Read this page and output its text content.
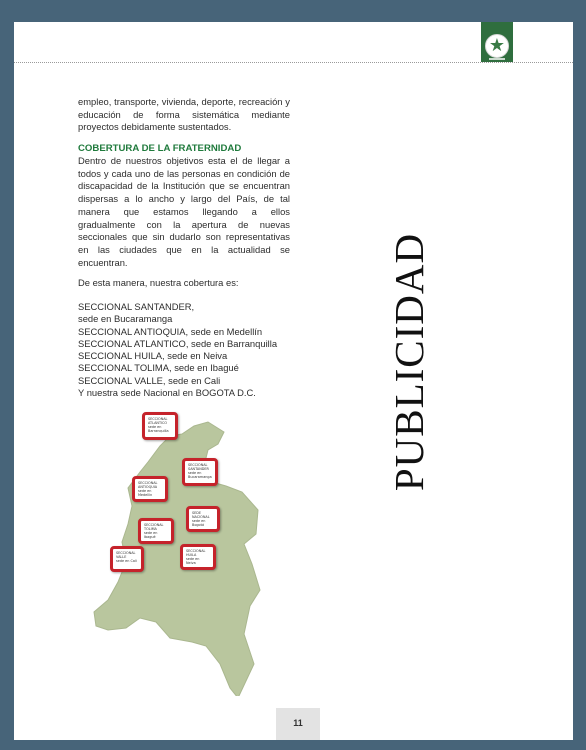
★
empleo, transporte, vivienda, deporte, recreación y educación de forma sistemática mediante proyectos debidamente sustentados.
COBERTURA DE LA FRATERNIDAD
Dentro de nuestros objetivos esta el de llegar a todos y cada uno de las personas en condición de discapacidad de la Institución que se encuentran dispersas a lo ancho y largo del País, de tal manera que estamos llegando a ellos gradualmente con la apertura de nuevas seccionales que sin dudarlo son representativas en las ciudades que en la actualidad se encuentran.
De esta manera, nuestra cobertura es:
SECCIONAL SANTANDER,
sede en Bucaramanga
SECCIONAL ANTIOQUIA, sede en Medellín
SECCIONAL ATLANTICO, sede en Barranquilla
SECCIONAL HUILA, sede en Neiva
SECCIONAL TOLIMA, sede en Ibagué
SECCIONAL VALLE, sede en Cali
Y nuestra sede Nacional en BOGOTA D.C.	PUBLICIDAD
SECCIONAL
ATLANTICO
sede en
Barranquilla
SECCIONAL
SANTANDER
sede en
Bucaramanga
SECCIONAL
ANTIOQUIA
sede en Medellín
SEDE NACIONAL
sede en Bogotá
SECCIONAL
TOLIMA
sede en Ibagué
SECCIONAL
VALLE
sede en Cali
SECCIONAL
HUILA
sede en Neiva
11
